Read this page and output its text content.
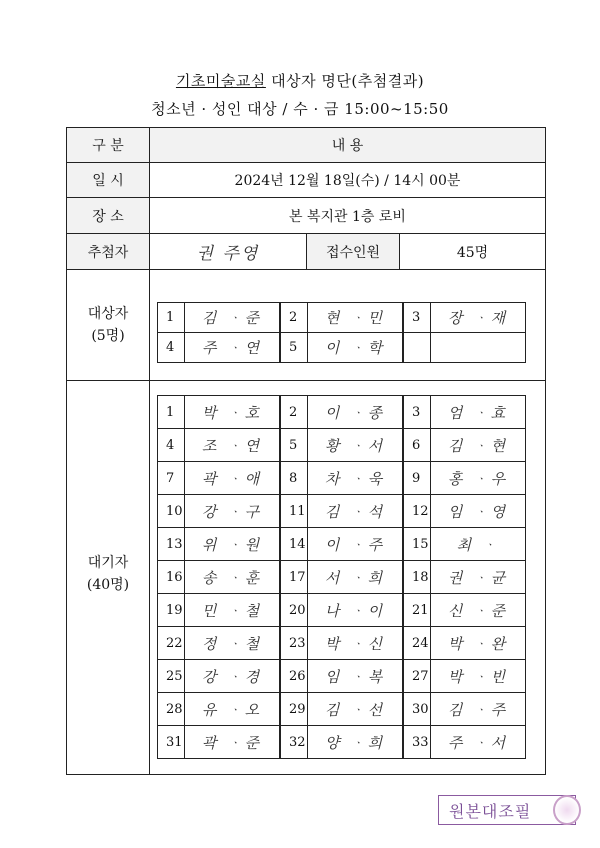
기초미술교실 대상자 명단(추첨결과)
청소년 · 성인 대상 / 수 · 금 15:00~15:50
구 분	내 용
일 시	2024년 12월 18일(수) / 14시 00분
장 소	본 복지관 1층 로비
추첨자	권 주영	접수인원	45명
대상자
(5명)
1	김 ᆞ준	2	현 ᆞ민	3	장 ᆞ재
4	주 ᆞ연	5	이 ᆞ학
대기자
(40명)
1	박 ᆞ호	2	이 ᆞ종	3	엄 ᆞ효
4	조 ᆞ연	5	황 ᆞ서	6	김 ᆞ현
7	곽 ᆞ애	8	차 ᆞ욱	9	홍 ᆞ우
10	강 ᆞ구	11	김 ᆞ석	12	임 ᆞ영
13	위 ᆞ원	14	이 ᆞ주	15	최 ᆞ
16	송 ᆞ훈	17	서 ᆞ희	18	권 ᆞ균
19	민 ᆞ철	20	나 ᆞ이	21	신 ᆞ준
22	정 ᆞ철	23	박 ᆞ신	24	박 ᆞ완
25	강 ᆞ경	26	임 ᆞ복	27	박 ᆞ빈
28	유 ᆞ오	29	김 ᆞ선	30	김 ᆞ주
31	곽 ᆞ준	32	양 ᆞ희	33	주 ᆞ서
원본대조필
